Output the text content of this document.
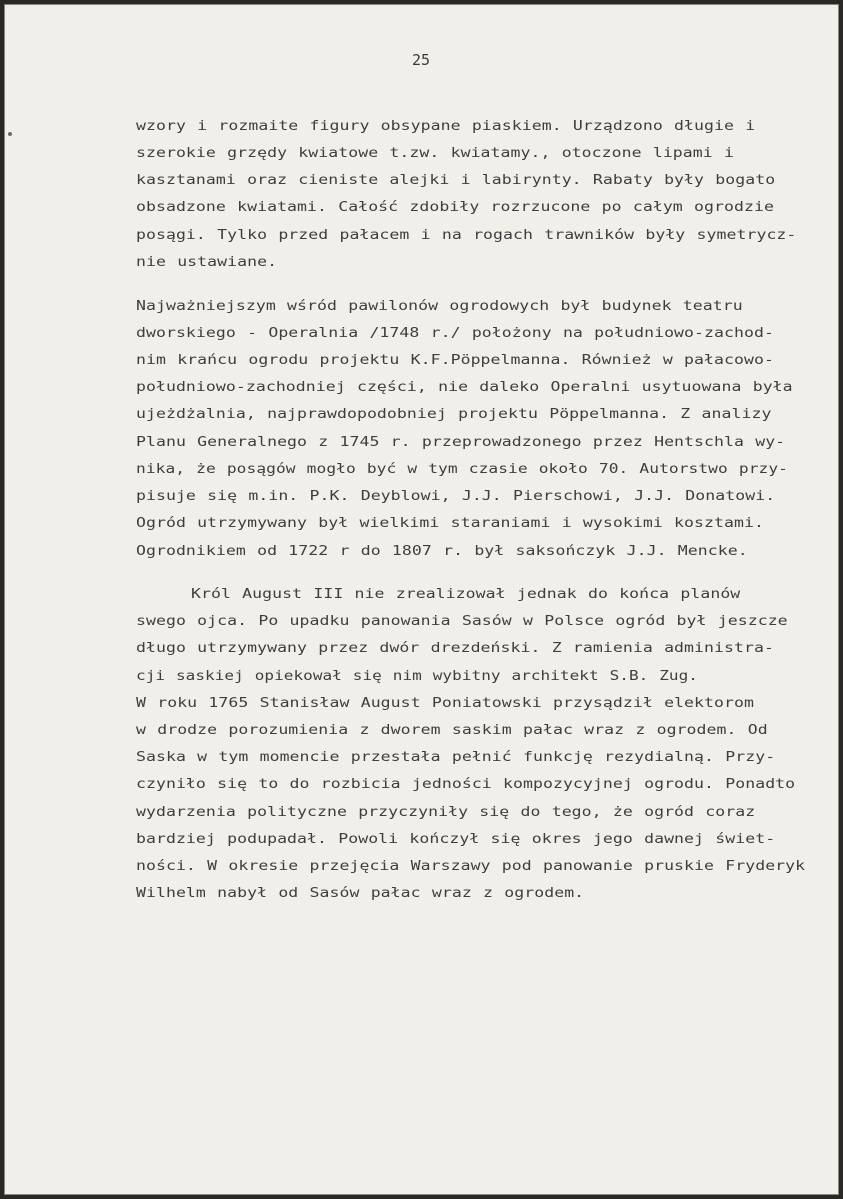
25
wzory i rozmaite figury obsypane piaskiem. Urządzono długie i
szerokie grzędy kwiatowe t.zw. kwiatamy., otoczone lipami i
kasztanami oraz cieniste alejki i labirynty. Rabaty były bogato
obsadzone kwiatami. Całość zdobiły rozrzucone po całym ogrodzie
posągi. Tylko przed pałacem i na rogach trawników były symetrycz-
nie ustawiane.
Najważniejszym wśród pawilonów ogrodowych był budynek teatru
dworskiego - Operalnia /1748 r./ położony na południowo-zachod-
nim krańcu ogrodu projektu K.F.Pöppelmanna. Również w pałacowo-
południowo-zachodniej części, nie daleko Operalni usytuowana była
ujeżdżalnia, najprawdopodobniej projektu Pöppelmanna. Z analizy
Planu Generalnego z 1745 r. przeprowadzonego przez Hentschla wy-
nika, że posągów mogło być w tym czasie około 70. Autorstwo przy-
pisuje się m.in. P.K. Deyblowi, J.J. Pierschowi, J.J. Donatowi.
Ogród utrzymywany był wielkimi staraniami i wysokimi kosztami.
Ogrodnikiem od 1722 r do 1807 r. był saksończyk J.J. Mencke.
Król August III nie zrealizował jednak do końca planów
swego ojca. Po upadku panowania Sasów w Polsce ogród był jeszcze
długo utrzymywany przez dwór drezdeński. Z ramienia administra-
cji saskiej opiekował się nim wybitny architekt S.B. Zug.
W roku 1765 Stanisław August Poniatowski przysądził elektorom
w drodze porozumienia z dworem saskim pałac wraz z ogrodem. Od
Saska w tym momencie przestała pełnić funkcję rezydialną. Przy-
czyniło się to do rozbicia jedności kompozycyjnej ogrodu. Ponadto
wydarzenia polityczne przyczyniły się do tego, że ogród coraz
bardziej podupadał. Powoli kończył się okres jego dawnej świet-
ności. W okresie przejęcia Warszawy pod panowanie pruskie Fryderyk
Wilhelm nabył od Sasów pałac wraz z ogrodem.
